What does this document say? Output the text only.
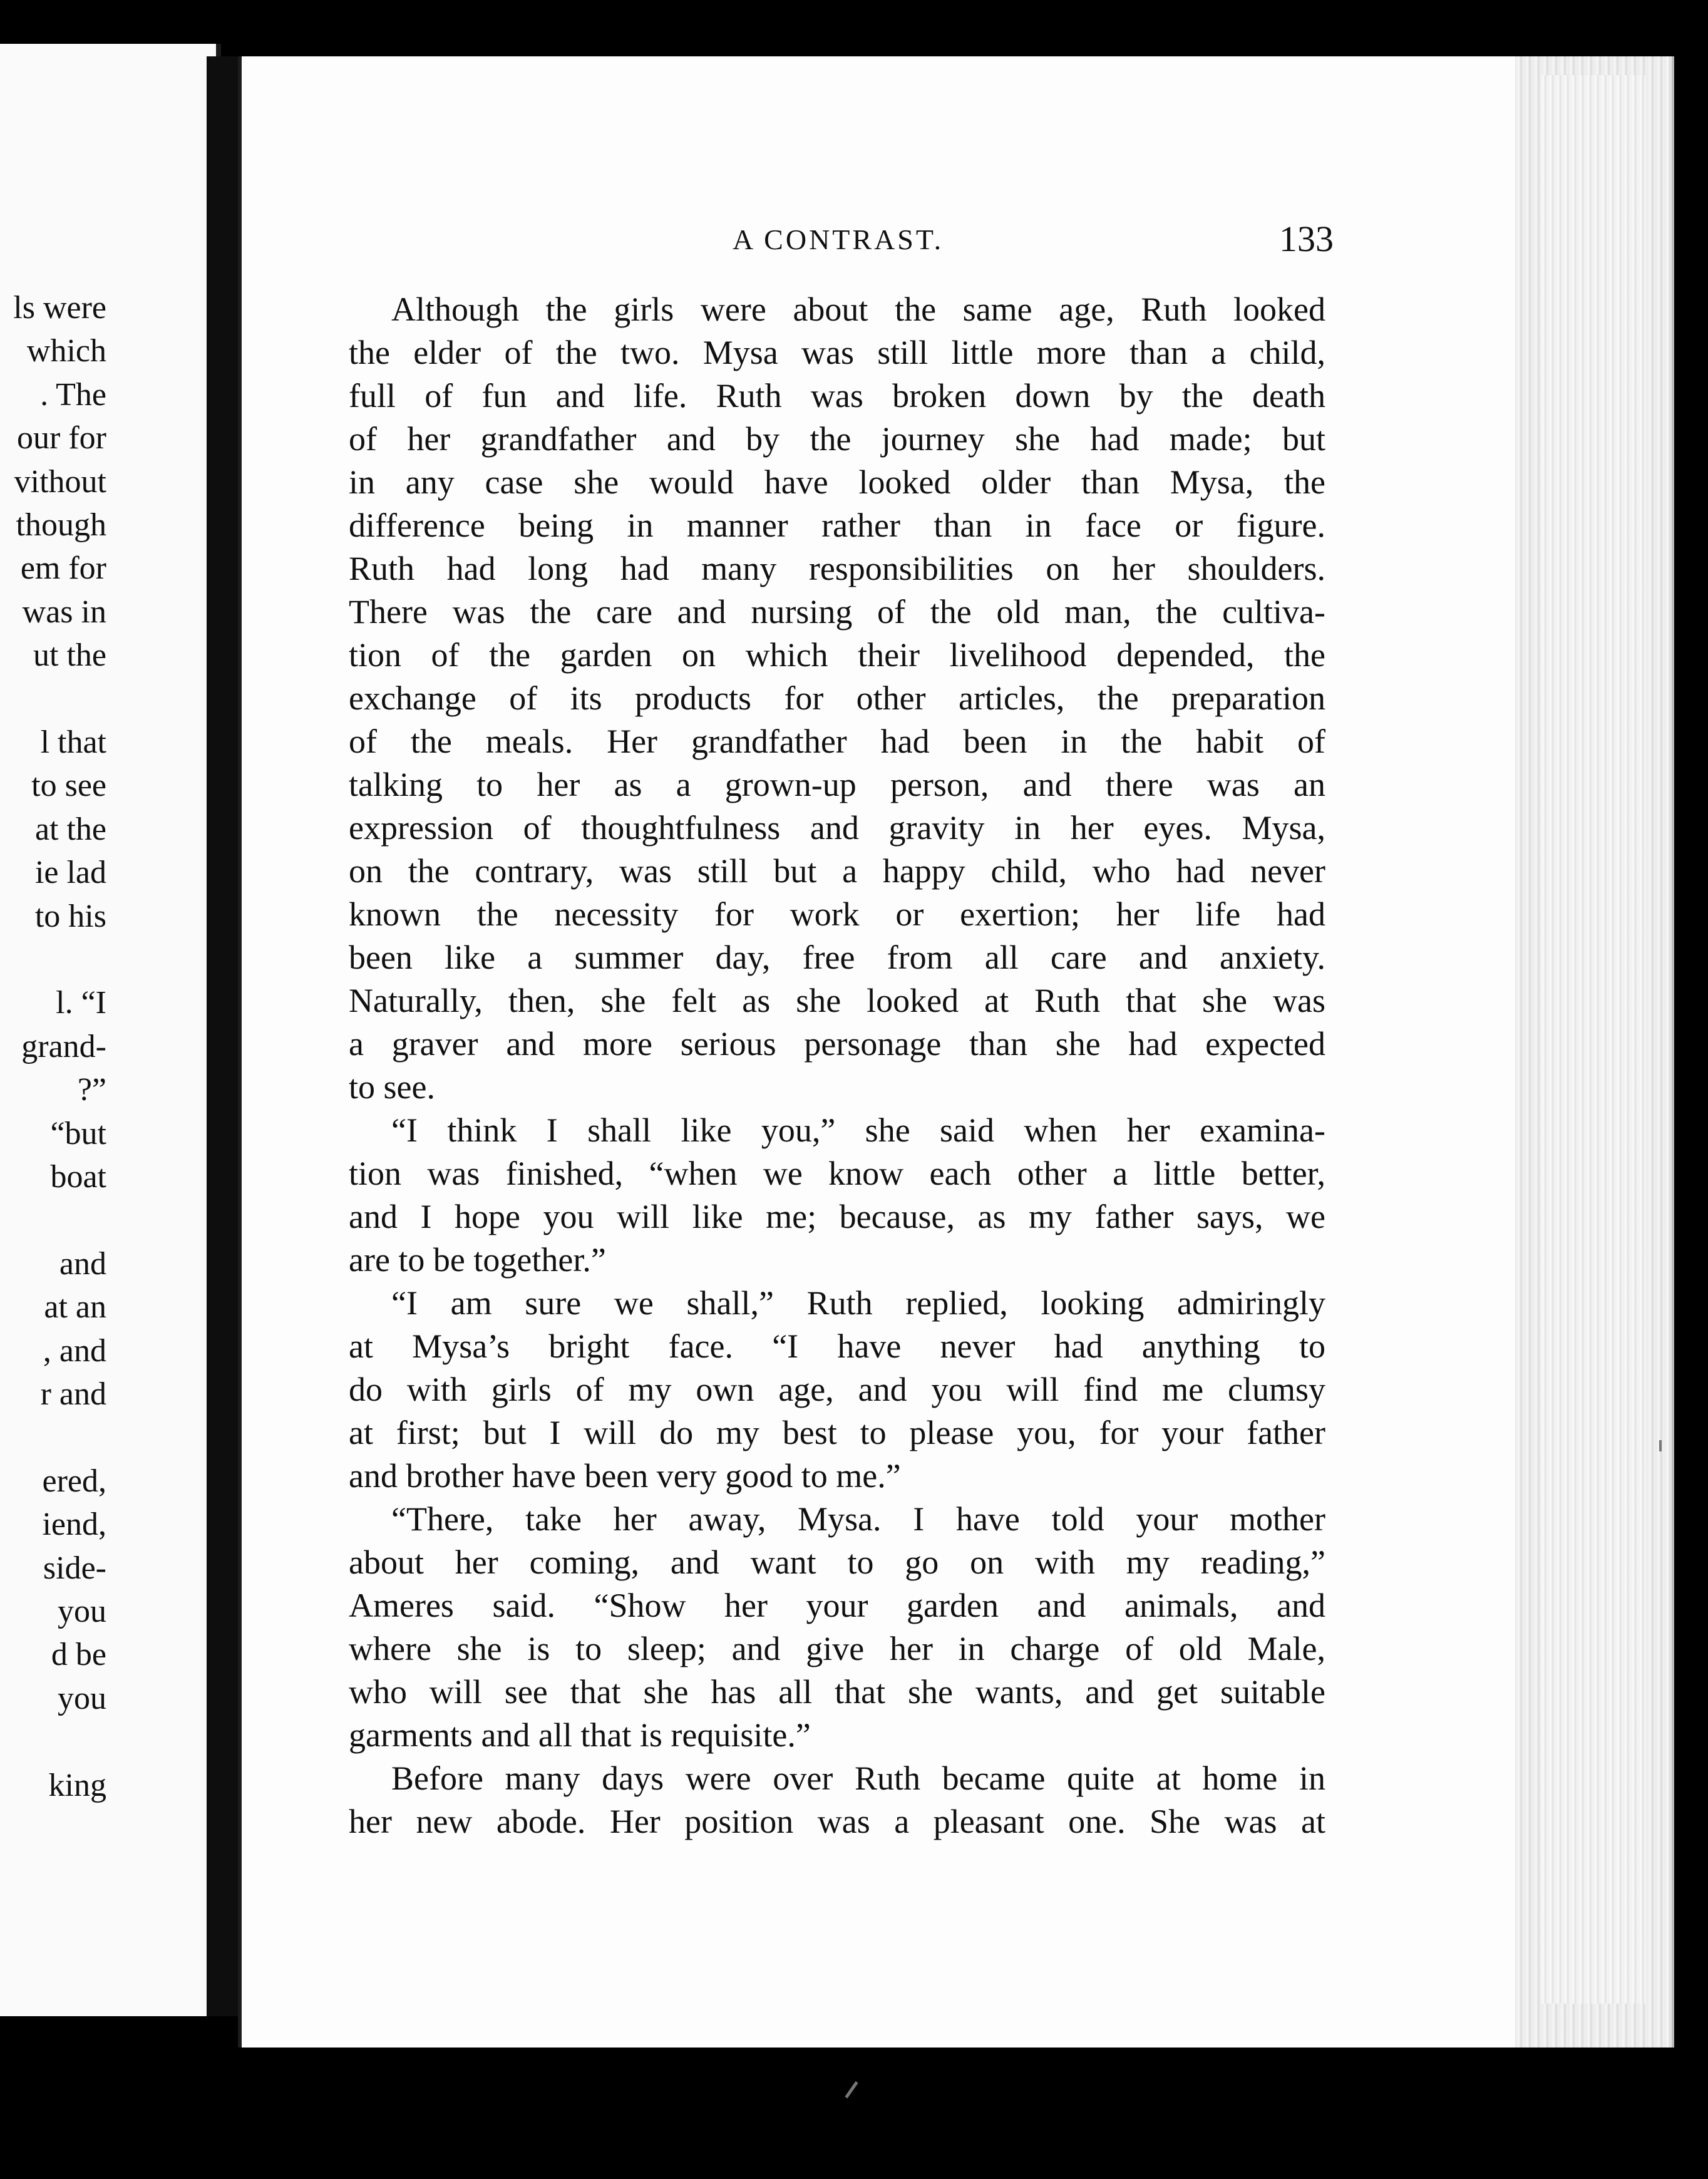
ls were
which
. The
our for
vithout
though
em for
was in
ut the
l that
to see
at the
ie lad
to his
l. “I
grand-
?”
“but
boat
and
at an
, and
r and
ered,
iend,
side-
you
d be
you
king
A CONTRAST.	133
Although the girls were about the same age, Ruth looked
the elder of the two. Mysa was still little more than a child,
full of fun and life. Ruth was broken down by the death
of her grandfather and by the journey she had made; but
in any case she would have looked older than Mysa, the
difference being in manner rather than in face or figure.
Ruth had long had many responsibilities on her shoulders.
There was the care and nursing of the old man, the cultiva-
tion of the garden on which their livelihood depended, the
exchange of its products for other articles, the preparation
of the meals. Her grandfather had been in the habit of
talking to her as a grown-up person, and there was an
expression of thoughtfulness and gravity in her eyes. Mysa,
on the contrary, was still but a happy child, who had never
known the necessity for work or exertion; her life had
been like a summer day, free from all care and anxiety.
Naturally, then, she felt as she looked at Ruth that she was
a graver and more serious personage than she had expected
to see.
“I think I shall like you,” she said when her examina-
tion was finished, “when we know each other a little better,
and I hope you will like me; because, as my father says, we
are to be together.”
“I am sure we shall,” Ruth replied, looking admiringly
at Mysa’s bright face. “I have never had anything to
do with girls of my own age, and you will find me clumsy
at first; but I will do my best to please you, for your father
and brother have been very good to me.”
“There, take her away, Mysa. I have told your mother
about her coming, and want to go on with my reading,”
Ameres said. “Show her your garden and animals, and
where she is to sleep; and give her in charge of old Male,
who will see that she has all that she wants, and get suitable
garments and all that is requisite.”
Before many days were over Ruth became quite at home in
her new abode. Her position was a pleasant one. She was at
